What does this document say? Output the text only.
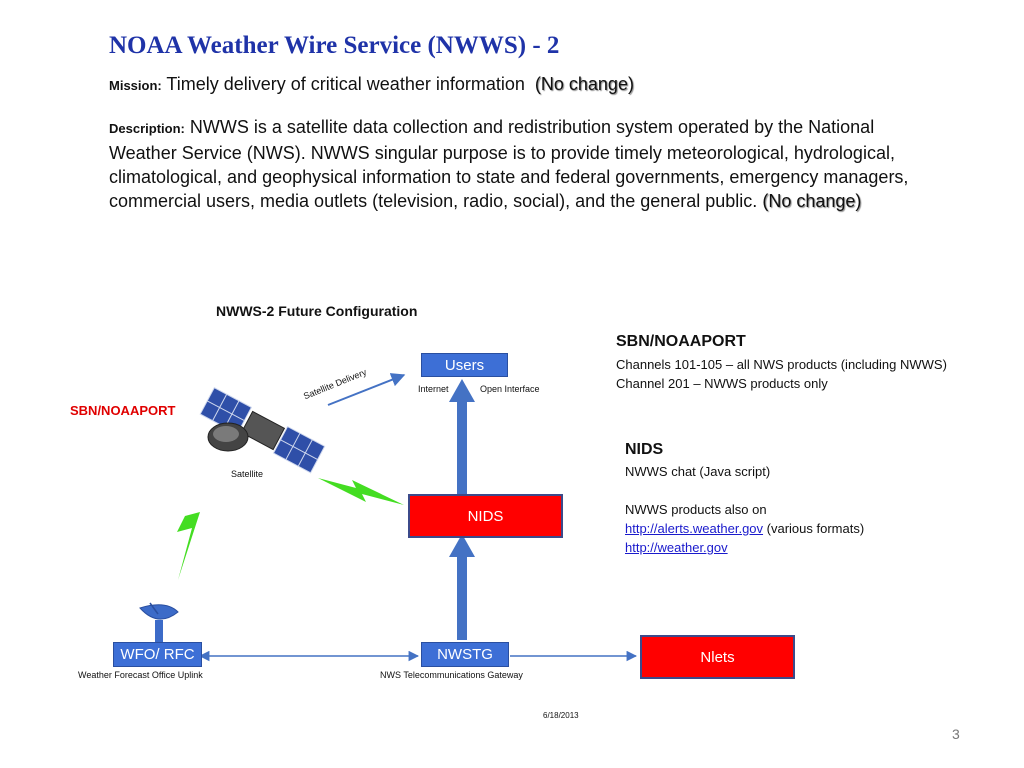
NOAA Weather Wire Service (NWWS) - 2
Mission: Timely delivery of critical weather information (No change)
Description: NWWS is a satellite data collection and redistribution system operated by the National Weather Service (NWS). NWWS singular purpose is to provide timely meteorological, hydrological, climatological, and geophysical information to state and federal governments, emergency managers, commercial users, media outlets (television, radio, social), and the general public. (No change)
NWWS-2 Future Configuration
SBN/NOAAPORT
Satellite Delivery
Satellite
Users
Internet	Open Interface
NIDS
WFO/ RFC
Weather Forecast Office Uplink
NWSTG
NWS Telecommunications Gateway
Nlets
SBN/NOAAPORT
Channels 101-105 – all NWS products (including NWWS)
Channel 201 – NWWS products only
NIDS
NWWS chat (Java script)
NWWS products also on
http://alerts.weather.gov (various formats)
http://weather.gov
6/18/2013
3
